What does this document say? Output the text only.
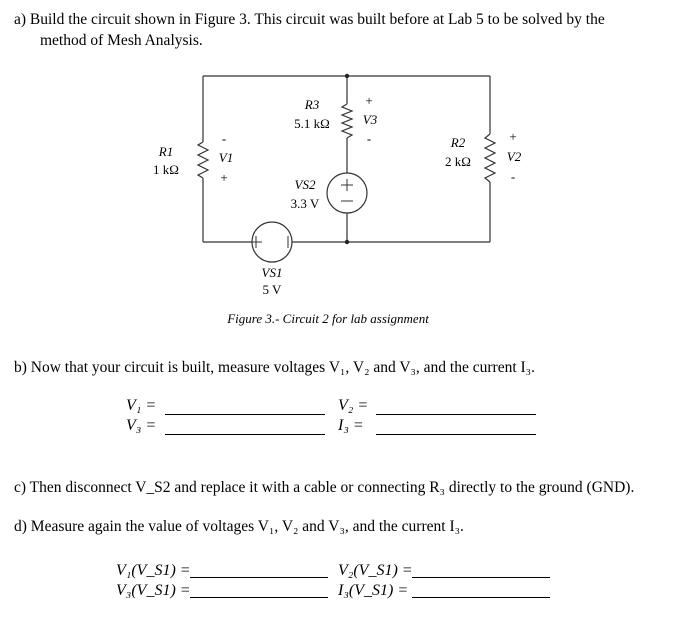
a) Build the circuit shown in Figure 3. This circuit was built before at Lab 5 to be solved by the
method of Mesh Analysis.
R1
1 kΩ
-
V1
+
R3
5.1 kΩ
+
V3
-
VS2
3.3 V
R2
2 kΩ
+
V2
-
VS1
5 V
Figure 3.- Circuit 2 for lab assignment
b) Now that your circuit is built, measure voltages V₁, V₂ and V₃, and the current I₃.
V₁ =	V₂ =
V₃ =	I₃ =
c) Then disconnect V_S2 and replace it with a cable or connecting R₃ directly to the ground (GND).
d) Measure again the value of voltages V₁, V₂ and V₃, and the current I₃.
V₁(V_S1) =	V₂(V_S1) =
V₃(V_S1) =	I₃(V_S1) =
